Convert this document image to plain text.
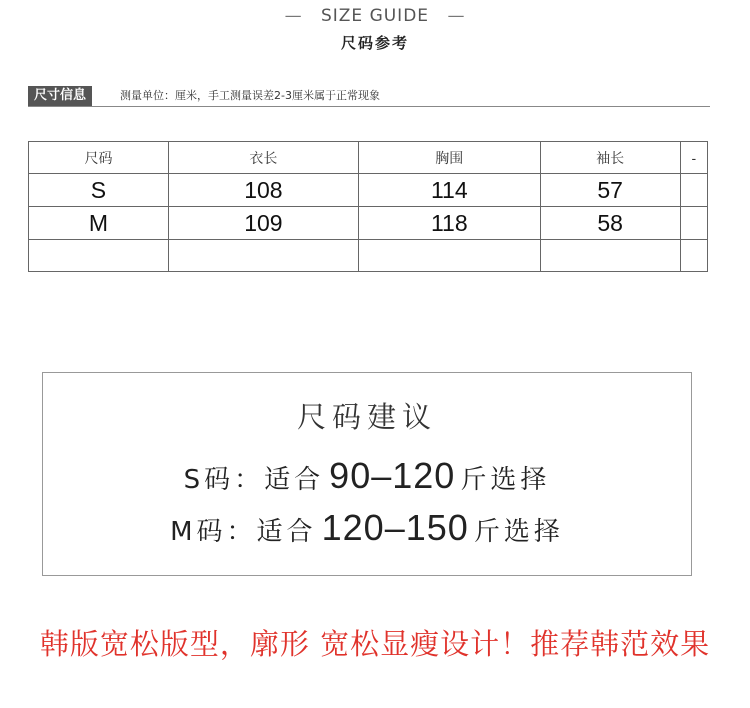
— SIZE GUIDE —
尺码参考
尺寸信息	测量单位：厘米，手工测量误差2-3厘米属于正常现象
尺码	衣长	胸围	袖长	-
S	108	114	57	
M	109	118	58	

尺码建议
S码：适合 90–120 斤选择
M码：适合 120–150 斤选择
韩版宽松版型，廓形 宽松显瘦设计！推荐韩范效果
